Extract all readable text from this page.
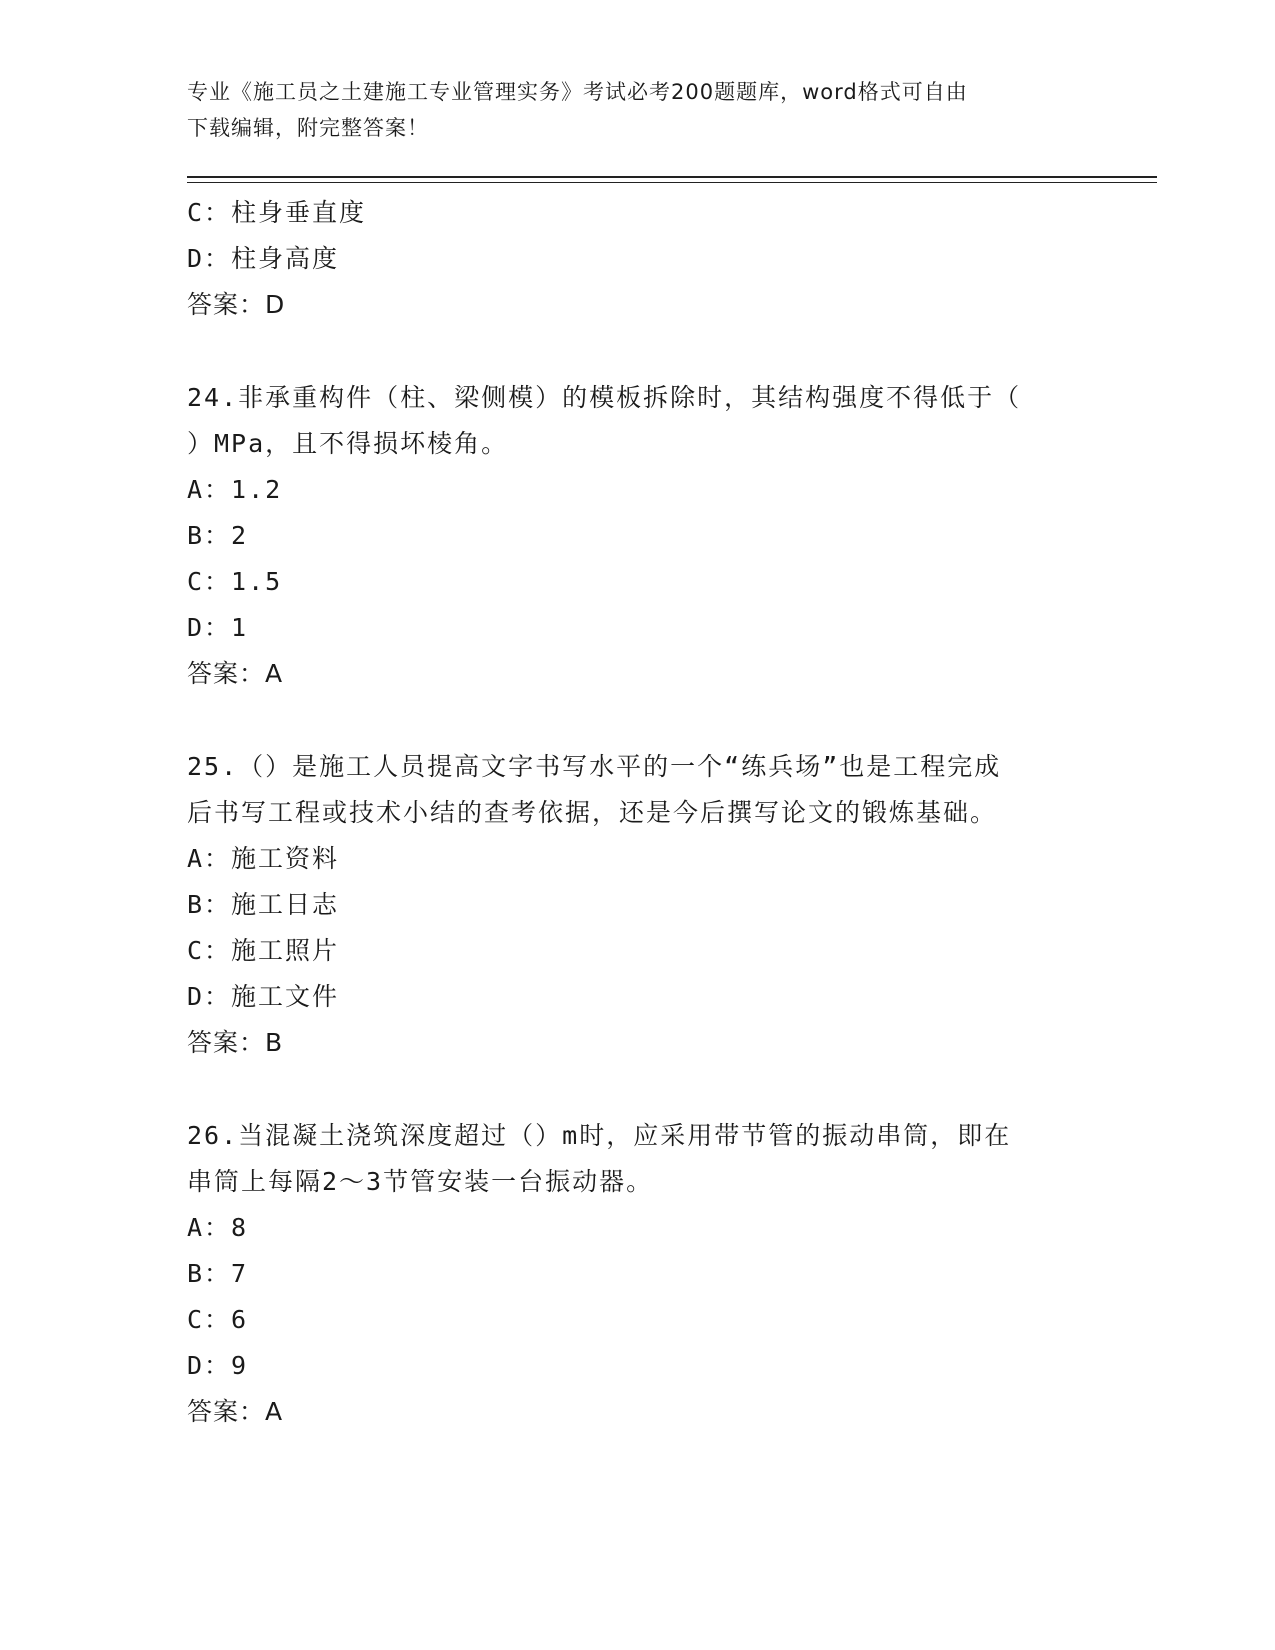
专业《施工员之土建施工专业管理实务》考试必考200题题库，word格式可自由
下载编辑，附完整答案！
C：柱身垂直度
D：柱身高度
答案：D
24.非承重构件（柱、梁侧模）的模板拆除时，其结构强度不得低于（
）MPa，且不得损坏棱角。
A：1.2
B：2
C：1.5
D：1
答案：A
25.（）是施工人员提高文字书写水平的一个“练兵场”也是工程完成
后书写工程或技术小结的查考依据，还是今后撰写论文的锻炼基础。
A：施工资料
B：施工日志
C：施工照片
D：施工文件
答案：B
26.当混凝土浇筑深度超过（）m时，应采用带节管的振动串筒，即在
串筒上每隔2～3节管安装一台振动器。
A：8
B：7
C：6
D：9
答案：A
